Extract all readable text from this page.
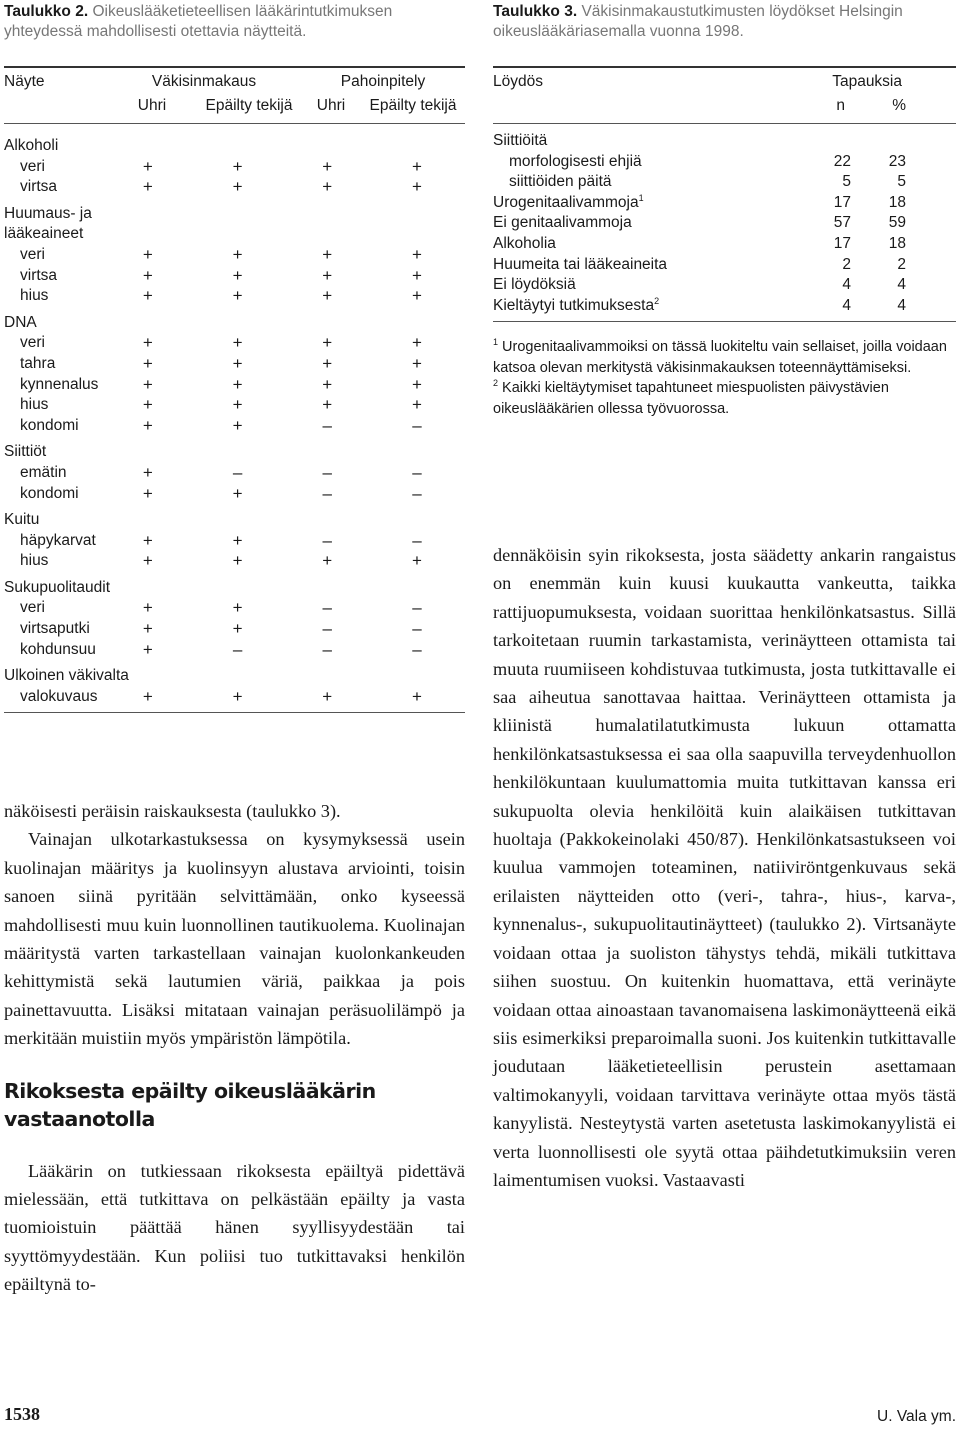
Taulukko 2. Oikeuslääketieteellisen lääkärintutkimuksen yhteydessä mahdollisesti otettavia näytteitä.
Näyte	Väkisinmakaus		Pahoinpitely	
	Uhri	Epäilty tekijä	Uhri	Epäilty tekijä
Alkoholi				
veri	+	+	+	+
virtsa	+	+	+	+

Huumaus- ja				
lääkeaineet				
veri	+	+	+	+
virtsa	+	+	+	+
hius	+	+	+	+

DNA				
veri	+	+	+	+
tahra	+	+	+	+
kynnenalus	+	+	+	+
hius	+	+	+	+
kondomi	+	+	–	–

Siittiöt				
emätin	+	–	–	–
kondomi	+	+	–	–

Kuitu				
häpykarvat	+	+	–	–
hius	+	+	+	+

Sukupuolitaudit				
veri	+	+	–	–
virtsaputki	+	+	–	–
kohdunsuu	+	–	–	–

Ulkoinen väkivalta				
valokuvaus	+	+	+	+

näköisesti peräisin raiskauksesta (taulukko 3).

Vainajan ulkotarkastuksessa on kysymyksessä usein kuolinajan määritys ja kuolinsyyn alustava arviointi, toisin sanoen siinä pyritään selvittämään, onko kyseessä mahdollisesti muu kuin luonnollinen tautikuolema. Kuolinajan määritystä varten tarkastellaan vainajan kuolonkankeuden kehittymistä sekä lautumien väriä, paikkaa ja pois painettavuutta. Lisäksi mitataan vainajan peräsuolilämpö ja merkitään muistiin myös ympäristön lämpötila.

Rikoksesta epäilty oikeuslääkärin
vastaanotolla

Lääkärin on tutkiessaan rikoksesta epäiltyä pidettävä mielessään, että tutkittava on pelkästään epäilty ja vasta tuomioistuin päättää hänen syyllisyydestään tai syyttömyydestään. Kun poliisi tuo tutkittavaksi henkilön epäiltynä to-

Taulukko 3. Väkisinmakaustutkimusten löydökset Helsingin oikeuslääkäriasemalla vuonna 1998.
Löydös	Tapauksia	
	n	%
Siittiöitä		
morfologisesti ehjiä	22	23
siittiöiden päitä	5	5
Urogenitaalivammoja$^1$	17	18
Ei genitaalivammoja	57	59
Alkoholia	17	18
Huumeita tai lääkeaineita	2	2
Ei löydöksiä	4	4
Kieltäytyi tutkimuksesta$^2$	4	4
$^1$ Urogenitaalivammoiksi on tässä luokiteltu vain sellaiset, joilla voidaan katsoa olevan merkitystä väkisinmakauksen toteennäyttämiseksi.
$^2$ Kaikki kieltäytymiset tapahtuneet miespuolisten päivystävien oikeuslääkärien ollessa työvuorossa.

dennäköisin syin rikoksesta, josta säädetty ankarin rangaistus on enemmän kuin kuusi kuukautta vankeutta, taikka rattijuopumuksesta, voidaan suorittaa henkilönkatsastus. Sillä tarkoitetaan ruumin tarkastamista, verinäytteen ottamista tai muuta ruumiiseen kohdistuvaa tutkimusta, josta tutkittavalle ei saa aiheutua sanottavaa haittaa. Verinäytteen ottamista ja kliinistä humalatilatutkimusta lukuun ottamatta henkilönkatsastuksessa ei saa olla saapuvilla terveydenhuollon henkilökuntaan kuulumattomia muita tutkittavan kanssa eri sukupuolta olevia henkilöitä kuin alaikäisen tutkittavan huoltaja (Pakkokeinolaki 450/87). Henkilönkatsastukseen voi kuulua vammojen toteaminen, natiiviröntgenkuvaus sekä erilaisten näytteiden otto (veri-, tahra-, hius-, karva-, kynnenalus-, sukupuolitautinäytteet) (taulukko 2). Virtsanäyte voidaan ottaa ja suoliston tähystys tehdä, mikäli tutkittava siihen suostuu. On kuitenkin huomattava, että verinäyte voidaan ottaa ainoastaan tavanomaisena laskimonäytteenä eikä siis esimerkiksi preparoimalla suoni. Jos kuitenkin tutkittavalle joudutaan lääketieteellisin perustein asettamaan valtimokanyyli, voidaan tarvittava verinäyte ottaa myös tästä kanyylistä. Nesteytystä varten asetetusta laskimokanyylistä ei verta luonnollisesti ole syytä ottaa päihdetutkimuksiin veren laimentumisen vuoksi. Vastaavasti

1538	U. Vala ym.
